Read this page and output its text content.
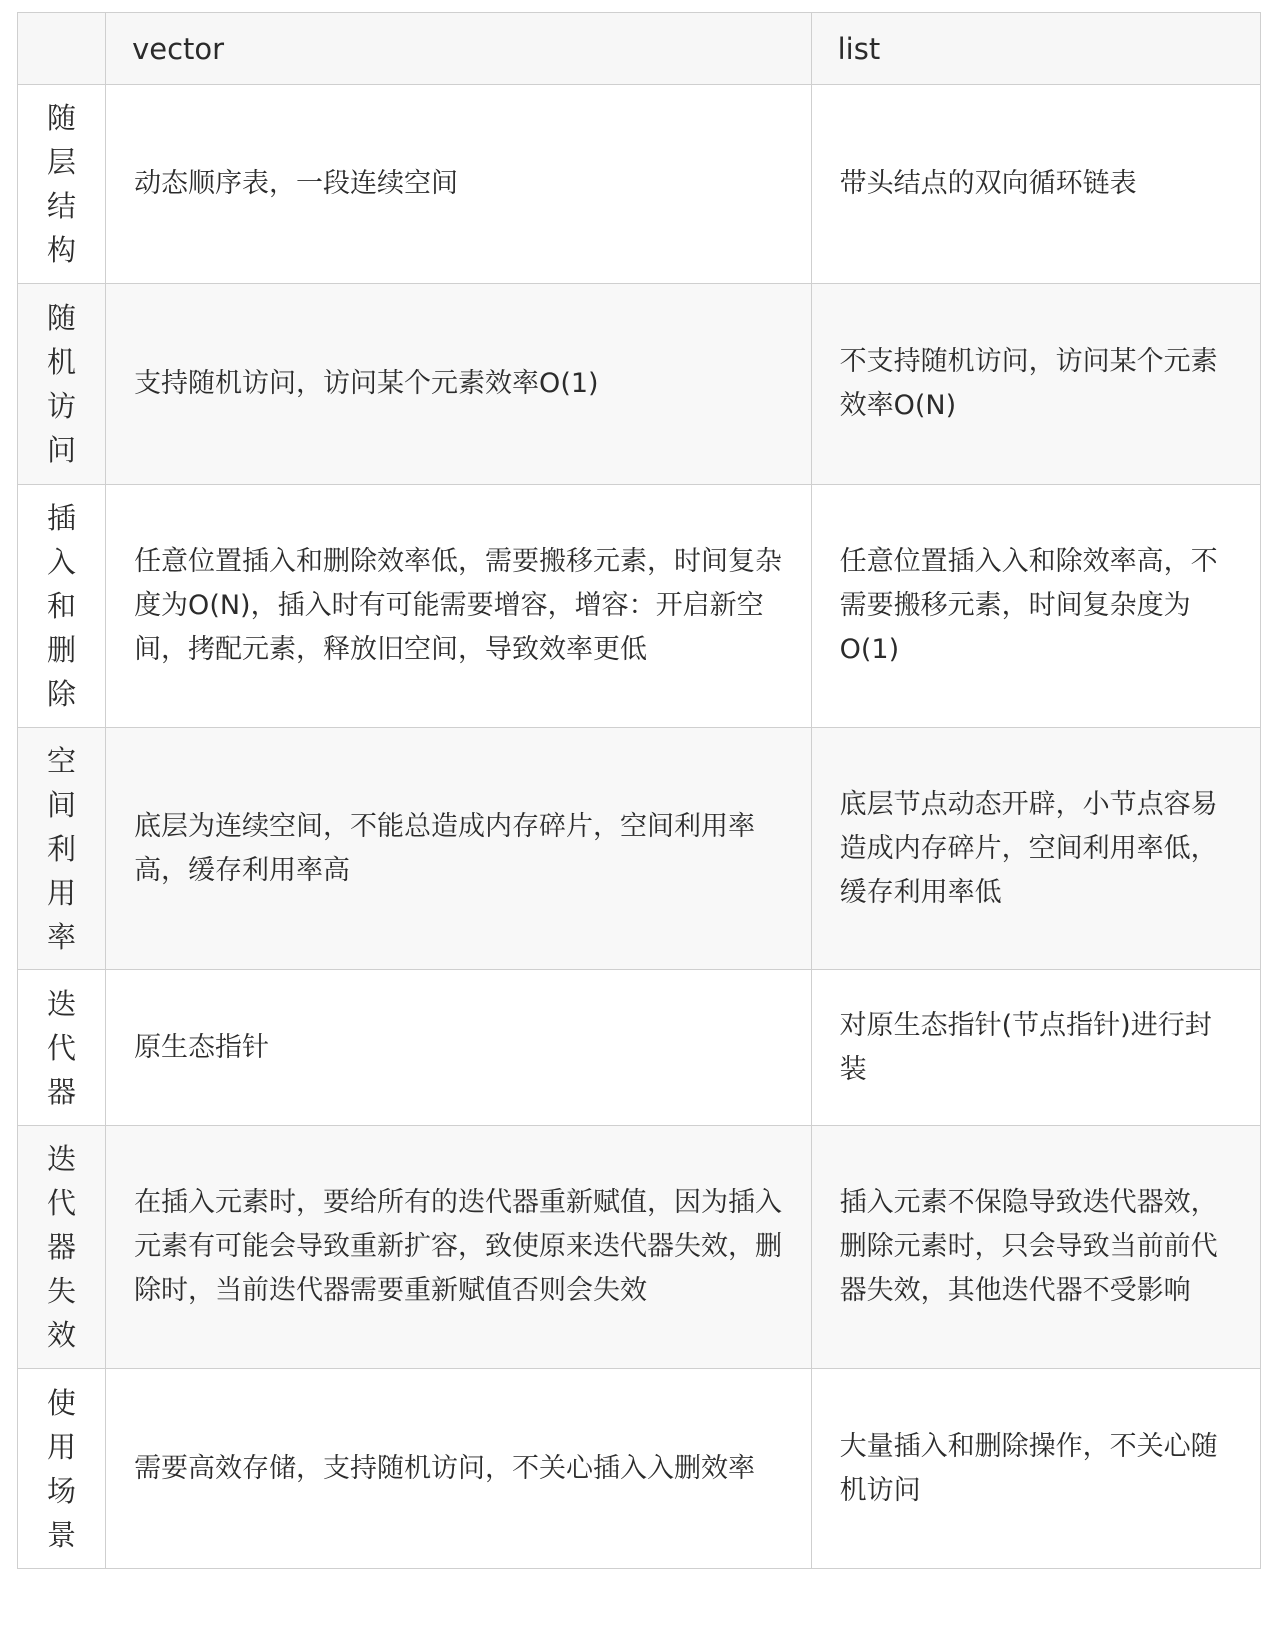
	vector	list
随层结构	动态顺序表，一段连续空间	带头结点的双向循环链表
随机访问	支持随机访问，访问某个元素效率O(1)	不支持随机访问，访问某个元素效率O(N)
插入和删除	任意位置插入和删除效率低，需要搬移元素，时间复杂度为O(N)，插入时有可能需要增容，增容：开启新空间，拷配元素，释放旧空间，导致效率更低	任意位置插入入和除效率高，不需要搬移元素，时间复杂度为O(1)
空间利用率	底层为连续空间，不能总造成内存碎片，空间利用率高，缓存利用率高	底层节点动态开辟，小节点容易造成内存碎片，空间利用率低，缓存利用率低
迭代器	原生态指针	对原生态指针(节点指针)进行封装
迭代器失效	在插入元素时，要给所有的迭代器重新赋值，因为插入元素有可能会导致重新扩容，致使原来迭代器失效，删除时，当前迭代器需要重新赋值否则会失效	插入元素不保隐导致迭代器效，删除元素时，只会导致当前前代器失效，其他迭代器不受影响
使用场景	需要高效存储，支持随机访问，不关心插入入删效率	大量插入和删除操作，不关心随机访问
